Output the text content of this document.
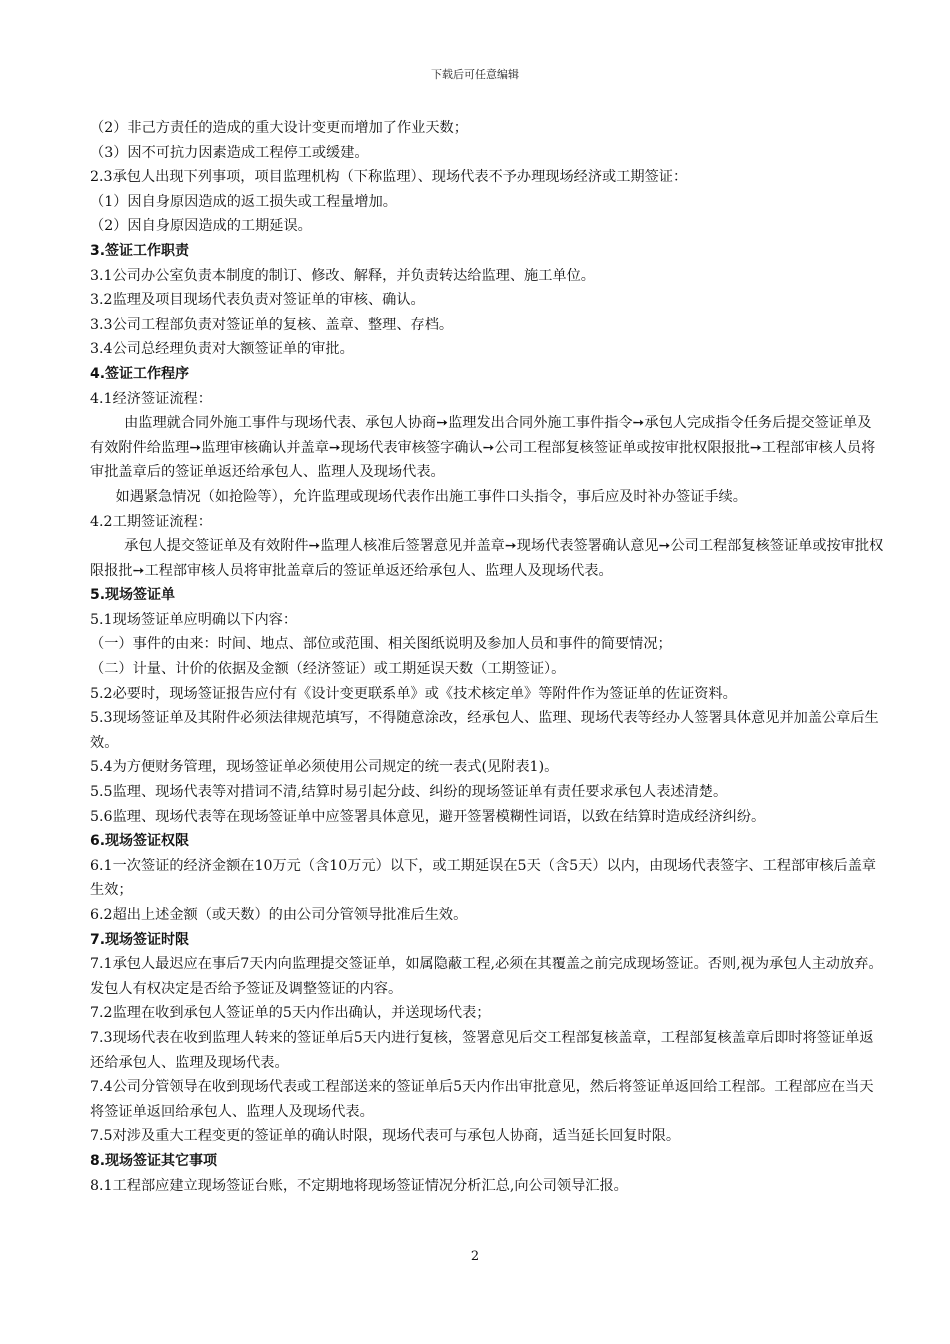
下载后可任意编辑

（2）非己方责任的造成的重大设计变更而增加了作业天数；

（3）因不可抗力因素造成工程停工或缓建。

2.3承包人出现下列事项，项目监理机构（下称监理）、现场代表不予办理现场经济或工期签证：

（1）因自身原因造成的返工损失或工程量增加。

（2）因自身原因造成的工期延误。

3.签证工作职责

3.1公司办公室负责本制度的制订、修改、解释，并负责转达给监理、施工单位。

3.2监理及项目现场代表负责对签证单的审核、确认。

3.3公司工程部负责对签证单的复核、盖章、整理、存档。

3.4公司总经理负责对大额签证单的审批。

4.签证工作程序

4.1经济签证流程：

由监理就合同外施工事件与现场代表、承包人协商➙监理发出合同外施工事件指令➙承包人完成指令任务后提交签证单及有效附件给监理➙监理审核确认并盖章➙现场代表审核签字确认➙公司工程部复核签证单或按审批权限报批➙工程部审核人员将审批盖章后的签证单返还给承包人、监理人及现场代表。

如遇紧急情况（如抢险等），允许监理或现场代表作出施工事件口头指令，事后应及时补办签证手续。

4.2工期签证流程：

承包人提交签证单及有效附件➙监理人核准后签署意见并盖章➙现场代表签署确认意见➙公司工程部复核签证单或按审批权限报批➙工程部审核人员将审批盖章后的签证单返还给承包人、监理人及现场代表。

5.现场签证单

5.1现场签证单应明确以下内容：

（一）事件的由来：时间、地点、部位或范围、相关图纸说明及参加人员和事件的简要情况；

（二）计量、计价的依据及金额（经济签证）或工期延误天数（工期签证）。

5.2必要时，现场签证报告应付有《设计变更联系单》或《技术核定单》等附件作为签证单的佐证资料。

5.3现场签证单及其附件必须法律规范填写，不得随意涂改，经承包人、监理、现场代表等经办人签署具体意见并加盖公章后生效。

5.4为方便财务管理，现场签证单必须使用公司规定的统一表式(见附表1)。

5.5监理、现场代表等对措词不清,结算时易引起分歧、纠纷的现场签证单有责任要求承包人表述清楚。

5.6监理、现场代表等在现场签证单中应签署具体意见，避开签署模糊性词语，以致在结算时造成经济纠纷。

6.现场签证权限

6.1一次签证的经济金额在10万元（含10万元）以下，或工期延误在5天（含5天）以内，由现场代表签字、工程部审核后盖章生效；

6.2超出上述金额（或天数）的由公司分管领导批准后生效。

7.现场签证时限

7.1承包人最迟应在事后7天内向监理提交签证单，如属隐蔽工程,必须在其覆盖之前完成现场签证。否则,视为承包人主动放弃。发包人有权决定是否给予签证及调整签证的内容。

7.2监理在收到承包人签证单的5天内作出确认，并送现场代表；

7.3现场代表在收到监理人转来的签证单后5天内进行复核，签署意见后交工程部复核盖章，工程部复核盖章后即时将签证单返还给承包人、监理及现场代表。

7.4公司分管领导在收到现场代表或工程部送来的签证单后5天内作出审批意见，然后将签证单返回给工程部。工程部应在当天将签证单返回给承包人、监理人及现场代表。

7.5对涉及重大工程变更的签证单的确认时限，现场代表可与承包人协商，适当延长回复时限。

8.现场签证其它事项

8.1工程部应建立现场签证台账，不定期地将现场签证情况分析汇总,向公司领导汇报。

2
